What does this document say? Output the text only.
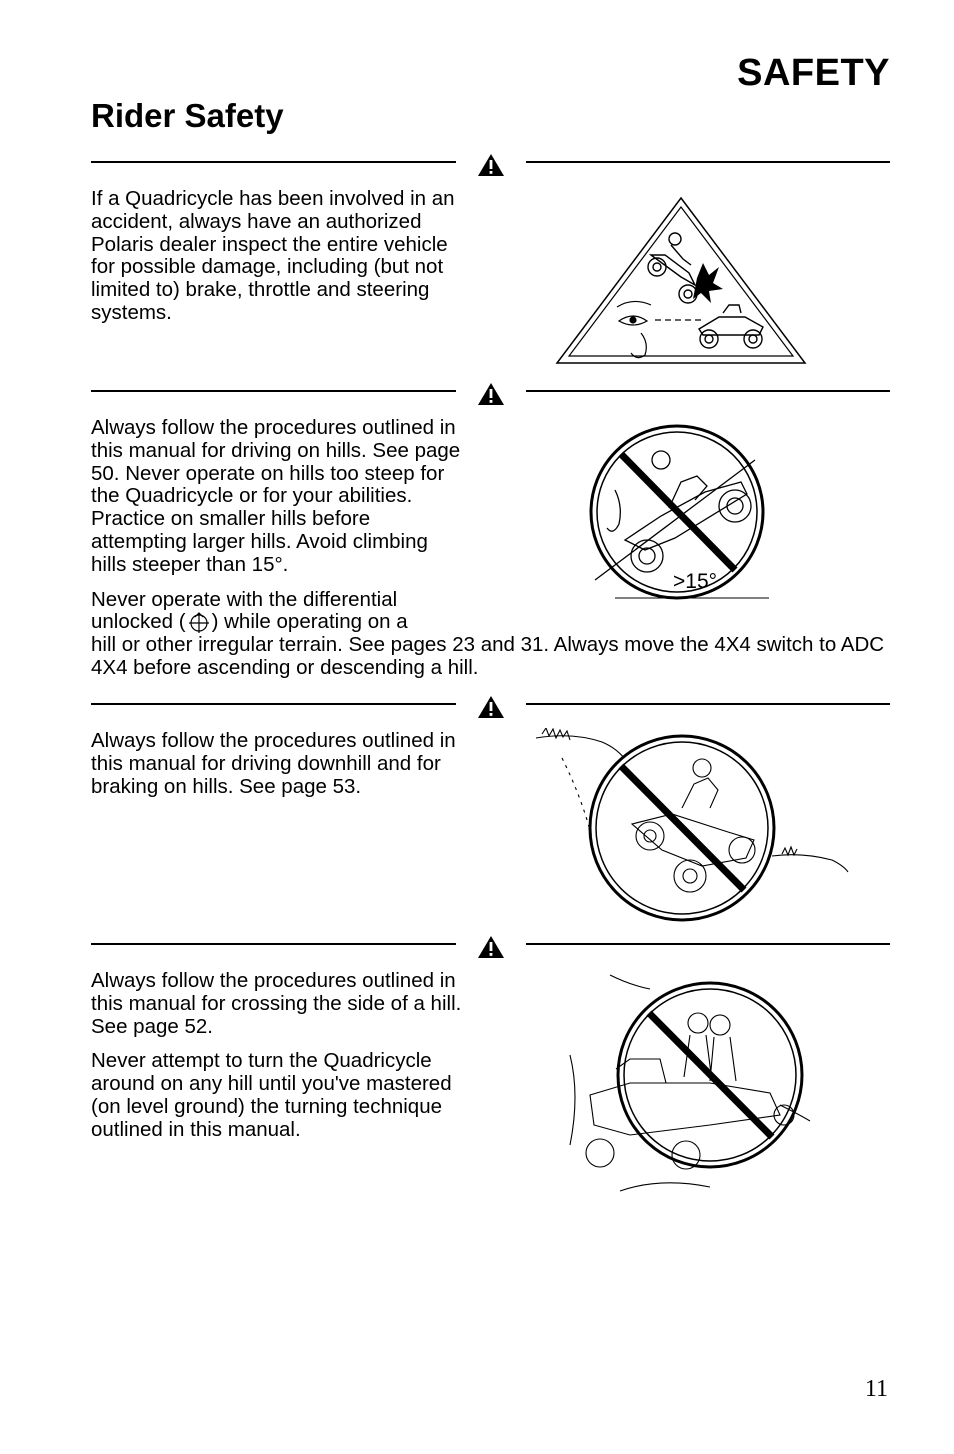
SAFETY
Rider Safety

If a Quadricycle has been involved in an accident, always have an authorized Polaris dealer inspect the entire vehicle for possible damage, including (but not limited to) brake, throttle and steering systems.

Always follow the procedures outlined in this manual for driving on hills. See page 50. Never operate on hills too steep for the Quadricycle or for your abilities. Practice on smaller hills before attempting larger hills. Avoid climbing hills steeper than 15°.

Never operate with the differential unlocked ( ) while operating on a

hill or other irregular terrain. See pages 23 and 31. Always move the 4X4 switch to ADC 4X4 before ascending or descending a hill.
>15°

Always follow the procedures outlined in this manual for driving downhill and for braking on hills. See page 53.

Always follow the procedures outlined in this manual for crossing the side of a hill. See page 52.

Never attempt to turn the Quadricycle around on any hill until you've mastered (on level ground) the turning technique outlined in this manual.

11
